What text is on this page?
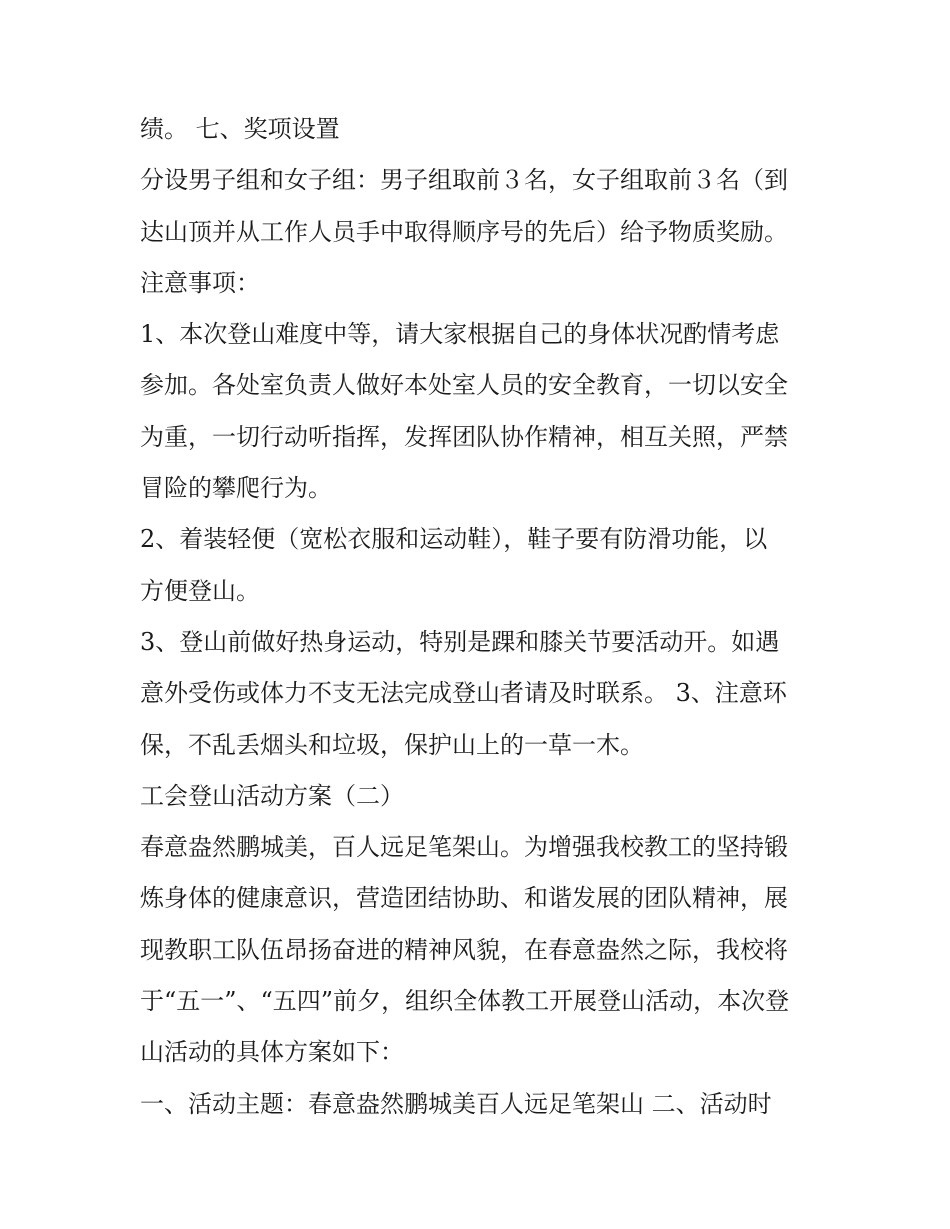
绩。 七、奖项设置
分设男子组和女子组：男子组取前３名，女子组取前３名（到
达山顶并从工作人员手中取得顺序号的先后）给予物质奖励。
注意事项：
1、本次登山难度中等，请大家根据自己的身体状况酌情考虑
参加。各处室负责人做好本处室人员的安全教育，一切以安全
为重，一切行动听指挥，发挥团队协作精神，相互关照，严禁
冒险的攀爬行为。
2、着装轻便（宽松衣服和运动鞋），鞋子要有防滑功能，以
方便登山。
3、登山前做好热身运动，特别是踝和膝关节要活动开。如遇
意外受伤或体力不支无法完成登山者请及时联系。 3、注意环
保，不乱丢烟头和垃圾，保护山上的一草一木。
工会登山活动方案（二）
春意盎然鹏城美，百人远足笔架山。为增强我校教工的坚持锻
炼身体的健康意识，营造团结协助、和谐发展的团队精神，展
现教职工队伍昂扬奋进的精神风貌，在春意盎然之际，我校将
于“五一”、“五四”前夕，组织全体教工开展登山活动，本次登
山活动的具体方案如下：
一、活动主题：春意盎然鹏城美百人远足笔架山 二、活动时
